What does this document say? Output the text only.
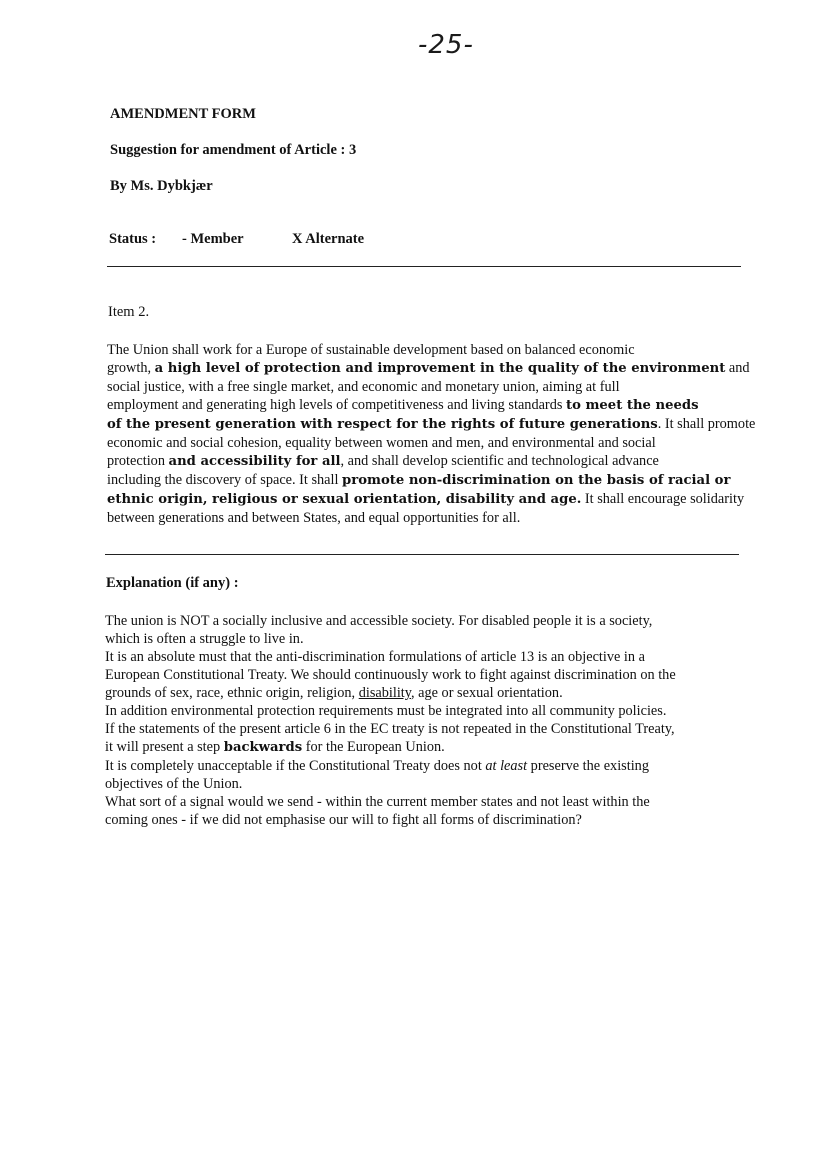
-25-
AMENDMENT FORM
Suggestion for amendment of Article : 3
By Ms. Dybkjær
Status : - Member	X Alternate
Item 2.
The Union shall work for a Europe of sustainable development based on balanced economic
growth, a high level of protection and improvement in the quality of the environment and
social justice, with a free single market, and economic and monetary union, aiming at full
employment and generating high levels of competitiveness and living standards to meet the needs
of the present generation with respect for the rights of future generations. It shall promote
economic and social cohesion, equality between women and men, and environmental and social
protection and accessibility for all, and shall develop scientific and technological advance
including the discovery of space. It shall promote non-discrimination on the basis of racial or
ethnic origin, religious or sexual orientation, disability and age. It shall encourage solidarity
between generations and between States, and equal opportunities for all.
Explanation (if any) :
The union is NOT a socially inclusive and accessible society. For disabled people it is a society,
which is often a struggle to live in.
It is an absolute must that the anti-discrimination formulations of article 13 is an objective in a
European Constitutional Treaty. We should continuously work to fight against discrimination on the
grounds of sex, race, ethnic origin, religion, disability, age or sexual orientation.
In addition environmental protection requirements must be integrated into all community policies.
If the statements of the present article 6 in the EC treaty is not repeated in the Constitutional Treaty,
it will present a step backwards for the European Union.
It is completely unacceptable if the Constitutional Treaty does not at least preserve the existing
objectives of the Union.
What sort of a signal would we send - within the current member states and not least within the
coming ones - if we did not emphasise our will to fight all forms of discrimination?
